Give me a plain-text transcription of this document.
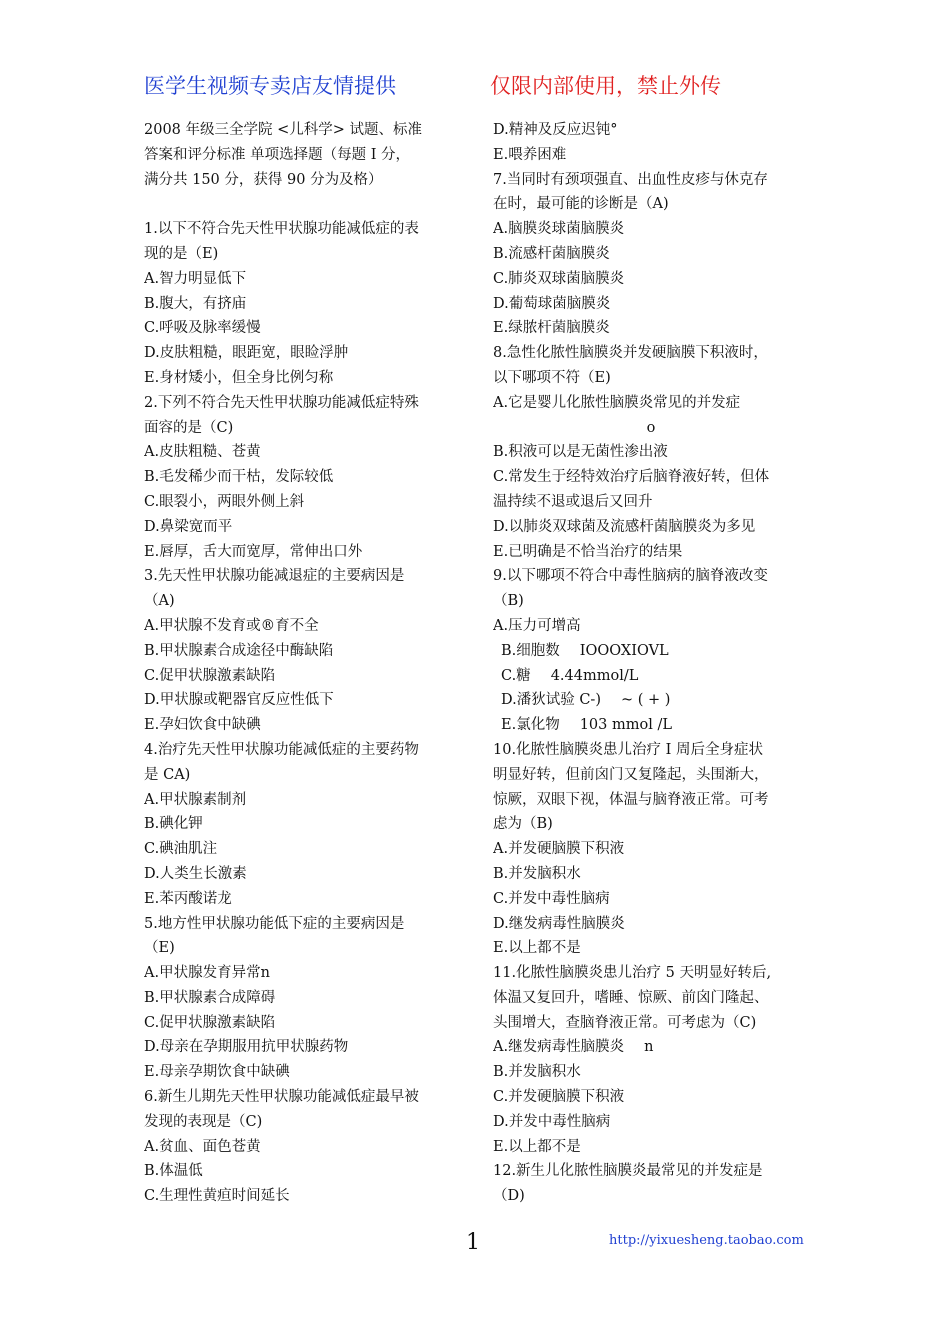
医学生视频专卖店友情提供	仅限内部使用，禁止外传
2008 年级三全学院 <儿科学> 试题、标准
答案和评分标准 单项选择题（每题 I 分，
满分共 150 分，获得 90 分为及格）
1.以下不符合先天性甲状腺功能减低症的表
现的是（E)
A.智力明显低下
B.腹大，有挤庙
C.呼吸及脉率缓慢
D.皮肤粗糙，眼距宽，眼睑浮肿
E.身材矮小，但全身比例匀称
2.下列不符合先天性甲状腺功能减低症特殊
面容的是（C)
A.皮肤粗糙、苍黄
B.毛发稀少而干枯，发际较低
C.眼裂小，两眼外侧上斜
D.鼻梁宽而平
E.唇厚，舌大而宽厚，常伸出口外
3.先天性甲状腺功能减退症的主要病因是
（A)
A.甲状腺不发育或®育不全
B.甲状腺素合成途径中酶缺陷
C.促甲状腺激素缺陷
D.甲状腺或靶器官反应性低下
E.孕妇饮食中缺碘
4.治疗先天性甲状腺功能减低症的主要药物
是 CA)
A.甲状腺素制剂
B.碘化钾
C.碘油肌注
D.人类生长激素
E.苯丙酸诺龙
5.地方性甲状腺功能低下症的主要病因是
（E)
A.甲状腺发育异常n
B.甲状腺素合成障碍
C.促甲状腺激素缺陷
D.母亲在孕期服用抗甲状腺药物
E.母亲孕期饮食中缺碘
6.新生儿期先天性甲状腺功能减低症最早被
发现的表现是（C)
A.贫血、面色苍黄
B.体温低
C.生理性黄疸时间延长
D.精神及反应迟钝°
E.喂养困难
7.当同时有颈项强直、出血性皮疹与休克存
在时，最可能的诊断是（A)
A.脑膜炎球菌脑膜炎
B.流感杆菌脑膜炎
C.肺炎双球菌脑膜炎
D.葡萄球菌脑膜炎
E.绿脓杆菌脑膜炎
8.急性化脓性脑膜炎并发硬脑膜下积液时，
以下哪项不符（E)
A.它是婴儿化脓性脑膜炎常见的并发症
o
B.积液可以是无菌性渗出液
C.常发生于经特效治疗后脑脊液好转，但体
温持续不退或退后又回升
D.以肺炎双球菌及流感杆菌脑膜炎为多见
E.已明确是不恰当治疗的结果
9.以下哪项不符合中毒性脑病的脑脊液改变
（B)
A.压力可增高
B.细胞数 IOOOXIOVL
C.糖 4.44mmol/L
D.潘狄试验 C-) ~ ( + )
E.氯化物 103 mmol /L
10.化脓性脑膜炎患儿治疗 I 周后全身症状
明显好转，但前囟门又复隆起，头围渐大，
惊厥，双眼下视，体温与脑脊液正常。可考
虑为（B)
A.并发硬脑膜下积液
B.并发脑积水
C.并发中毒性脑病
D.继发病毒性脑膜炎
E.以上都不是
11.化脓性脑膜炎患儿治疗 5 天明显好转后,
体温又复回升，嗜睡、惊厥、前囟门隆起、
头围增大，查脑脊液正常。可考虑为（C)
A.继发病毒性脑膜炎 n
B.并发脑积水
C.并发硬脑膜下积液
D.并发中毒性脑病
E.以上都不是
12.新生儿化脓性脑膜炎最常见的并发症是
（D)
1	http://yixuesheng.taobao.com
